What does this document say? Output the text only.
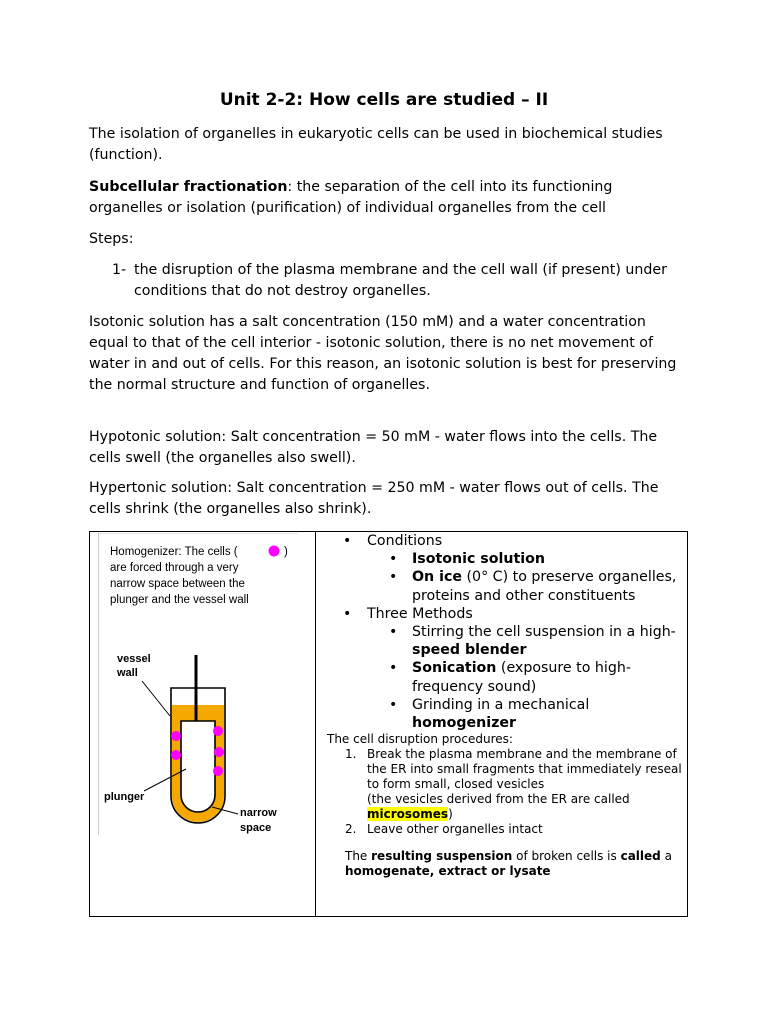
Unit 2-2: How cells are studied – II
The isolation of organelles in eukaryotic cells can be used in biochemical studies (function).
Subcellular fractionation: the separation of the cell into its functioning organelles or isolation (purification) of individual organelles from the cell
Steps:
1- the disruption of the plasma membrane and the cell wall (if present) under conditions that do not destroy organelles.
Isotonic solution has a salt concentration (150 mM) and a water concentration equal to that of the cell interior - isotonic solution, there is no net movement of water in and out of cells. For this reason, an isotonic solution is best for preserving the normal structure and function of organelles.
Hypotonic solution: Salt concentration = 50 mM - water flows into the cells. The cells swell (the organelles also swell).
Hypertonic solution: Salt concentration = 250 mM - water flows out of cells. The cells shrink (the organelles also shrink).
Homogenizer: The cells (	)
are forced through a very
narrow space between the
plunger and the vessel wall
vessel
wall
plunger
narrow
space
• Conditions
• Isotonic solution
• On ice (0° C) to preserve organelles, proteins and other constituents
• Three Methods
• Stirring the cell suspension in a high-speed blender
• Sonication (exposure to high-frequency sound)
• Grinding in a mechanical homogenizer
The cell disruption procedures:
1. Break the plasma membrane and the membrane of the ER into small fragments that immediately reseal to form small, closed vesicles
(the vesicles derived from the ER are called microsomes)
2. Leave other organelles intact
The resulting suspension of broken cells is called a homogenate, extract or lysate
